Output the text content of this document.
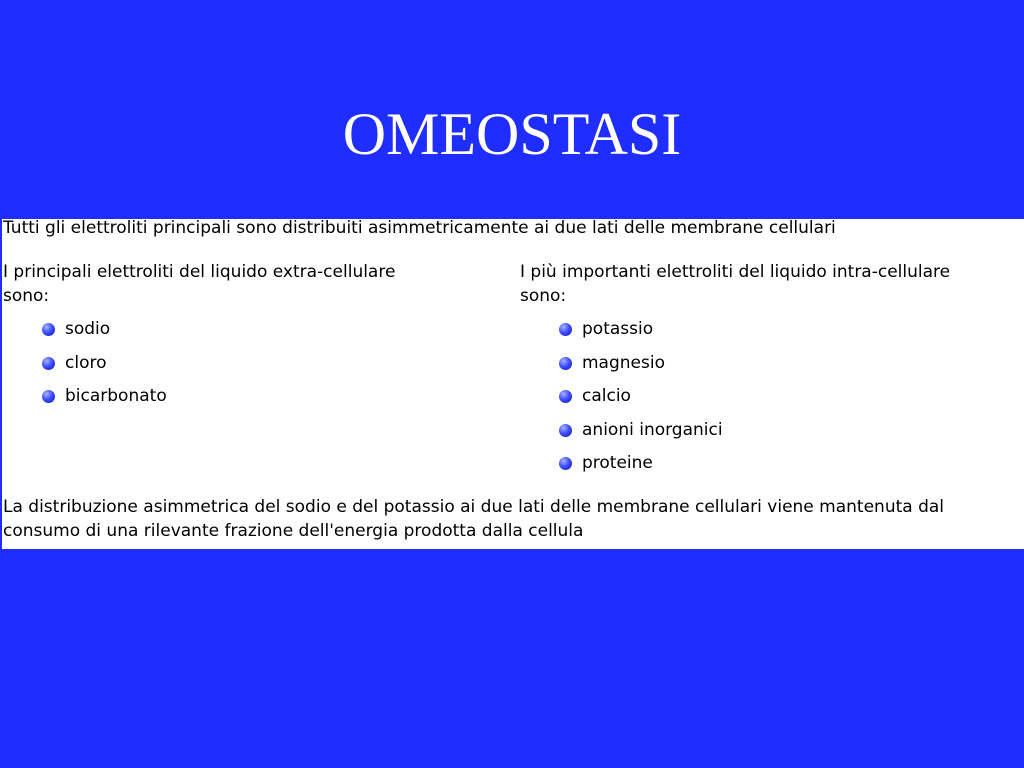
OMEOSTASI

Tutti gli elettroliti principali sono distribuiti asimmetricamente ai due lati delle membrane cellulari

I principali elettroliti del liquido extra-cellulare sono:

sodio
cloro
bicarbonato

I più importanti elettroliti del liquido intra-cellulare sono:

potassio
magnesio
calcio
anioni inorganici
proteine

La distribuzione asimmetrica del sodio e del potassio ai due lati delle membrane cellulari viene mantenuta dal consumo di una rilevante frazione dell'energia prodotta dalla cellula
